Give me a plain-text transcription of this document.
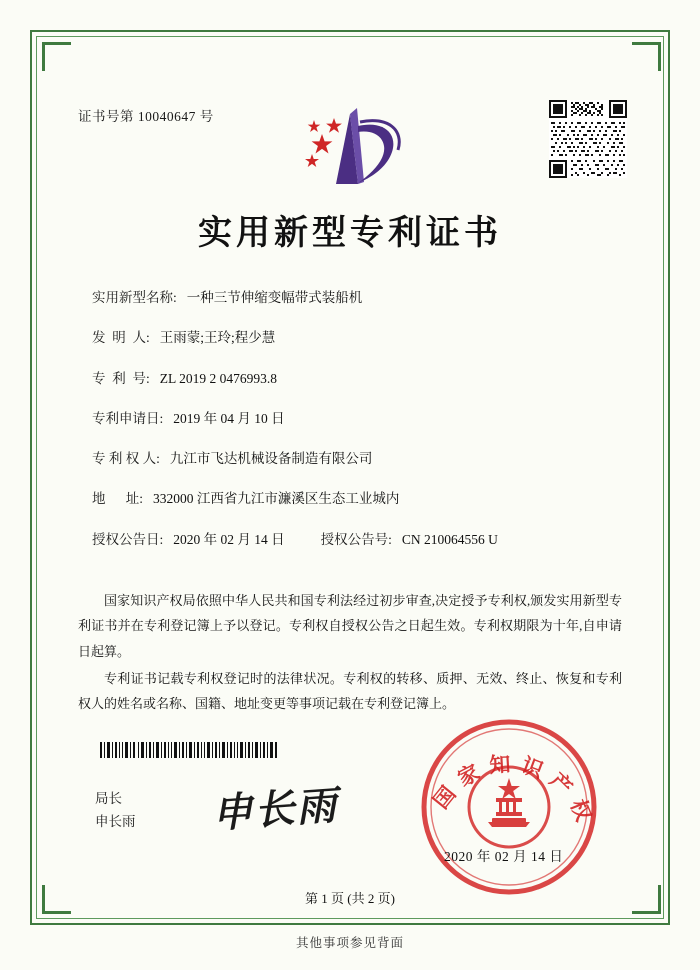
证书号第 10040647 号
实用新型专利证书
实用新型名称: 一种三节伸缩变幅带式装船机
发  明  人: 王雨蒙;王玲;程少慧
专  利  号: ZL 2019 2 0476993.8
专利申请日: 2019 年 04 月 10 日
专 利 权 人: 九江市飞达机械设备制造有限公司
地      址: 332000 江西省九江市濂溪区生态工业城内
授权公告日: 2020 年 02 月 14 日	授权公告号: CN 210064556 U

国家知识产权局依照中华人民共和国专利法经过初步审查,决定授予专利权,颁发实用新型专利证书并在专利登记簿上予以登记。专利权自授权公告之日起生效。专利权期限为十年,自申请日起算。

专利证书记载专利权登记时的法律状况。专利权的转移、质押、无效、终止、恢复和专利权人的姓名或名称、国籍、地址变更等事项记载在专利登记簿上。

局长
申长雨 申长雨	国家知识产权
2020 年 02 月 14 日
第 1 页 (共 2 页)
其他事项参见背面
